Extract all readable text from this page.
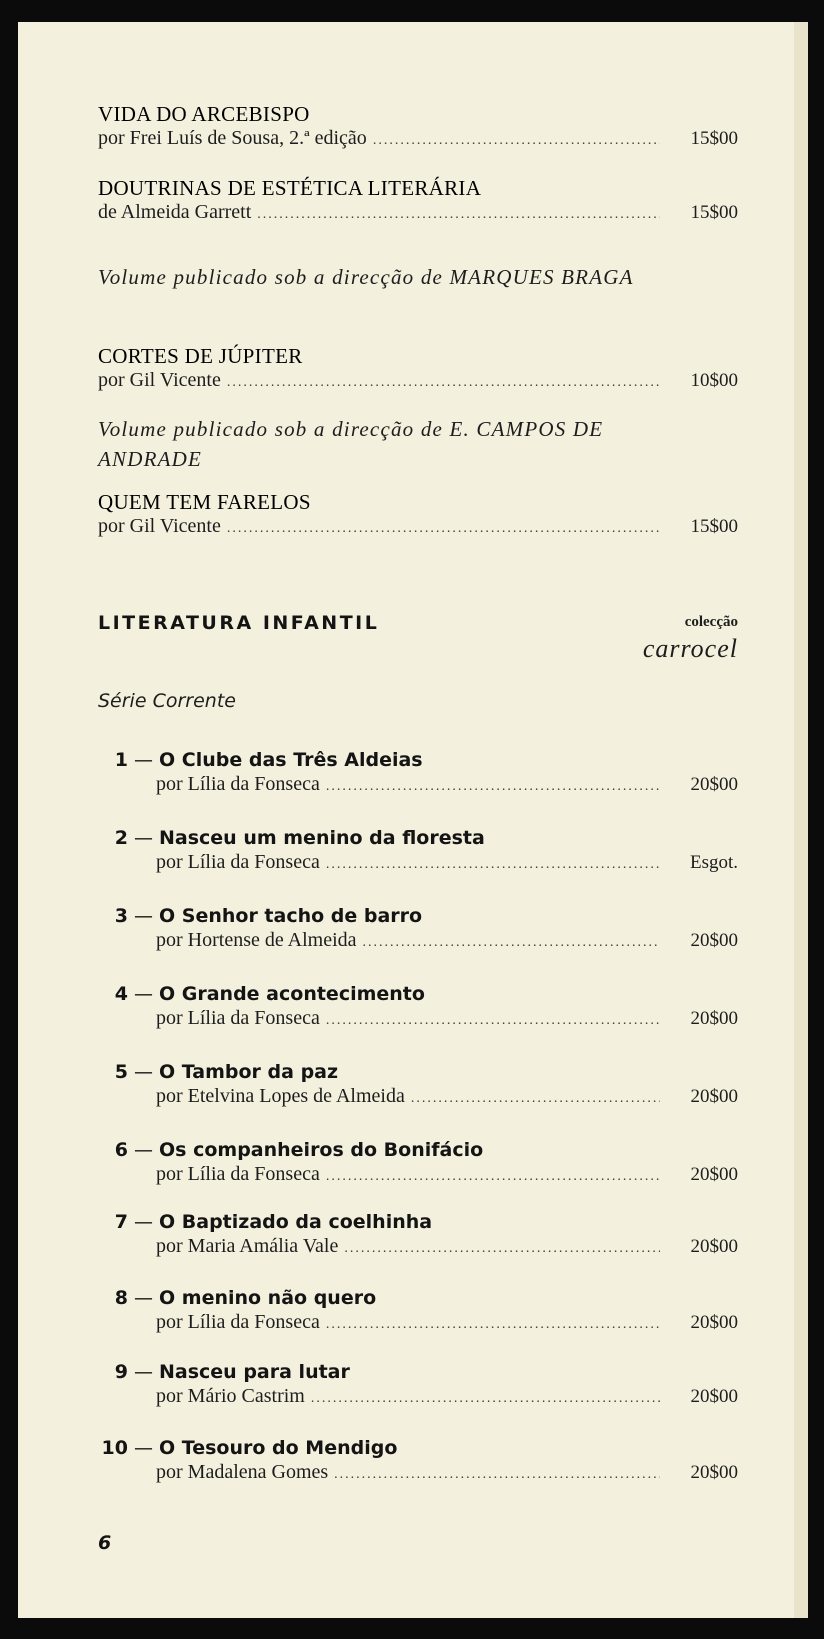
VIDA DO ARCEBISPO
por Frei Luís de Sousa, 2.ª edição .....	15$00
DOUTRINAS DE ESTÉTICA LITERÁRIA
de Almeida Garrett .....	15$00
Volume publicado sob a direcção de MARQUES BRAGA
CORTES DE JÚPITER
por Gil Vicente .....	10$00
Volume publicado sob a direcção de E. CAMPOS DE ANDRADE
QUEM TEM FARELOS
por Gil Vicente .....	15$00
LITERATURA INFANTIL	colecção
carrocel
Série Corrente
1 — O Clube das Três Aldeias
por Lília da Fonseca .....	20$00
2 — Nasceu um menino da floresta
por Lília da Fonseca .....	Esgot.
3 — O Senhor tacho de barro
por Hortense de Almeida .....	20$00
4 — O Grande acontecimento
por Lília da Fonseca .....	20$00
5 — O Tambor da paz
por Etelvina Lopes de Almeida .....	20$00
6 — Os companheiros do Bonifácio
por Lília da Fonseca .....	20$00
7 — O Baptizado da coelhinha
por Maria Amália Vale .....	20$00
8 — O menino não quero
por Lília da Fonseca .....	20$00
9 — Nasceu para lutar
por Mário Castrim .....	20$00
10 — O Tesouro do Mendigo
por Madalena Gomes .....	20$00
6
